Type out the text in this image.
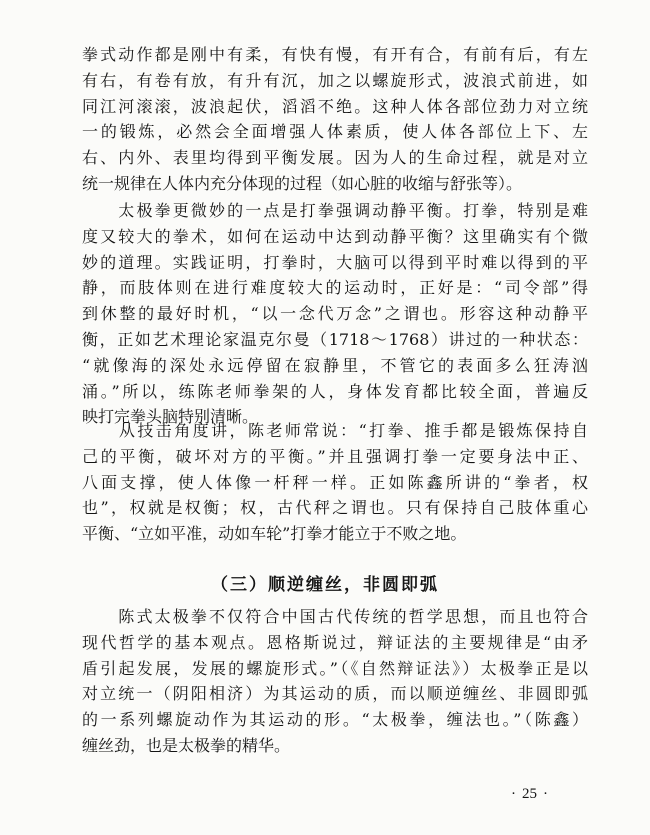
拳式动作都是刚中有柔，有快有慢，有开有合，有前有后，有左
有右，有卷有放，有升有沉，加之以螺旋形式，波浪式前进，如
同江河滚滚，波浪起伏，滔滔不绝。这种人体各部位劲力对立统
一的锻炼，必然会全面增强人体素质，使人体各部位上下、左
右、内外、表里均得到平衡发展。因为人的生命过程，就是对立
统一规律在人体内充分体现的过程（如心脏的收缩与舒张等）。
　　太极拳更微妙的一点是打拳强调动静平衡。打拳，特别是难
度又较大的拳术，如何在运动中达到动静平衡？这里确实有个微
妙的道理。实践证明，打拳时，大脑可以得到平时难以得到的平
静，而肢体则在进行难度较大的运动时，正好是：“司令部”得
到休整的最好时机，“以一念代万念”之谓也。形容这种动静平
衡，正如艺术理论家温克尔曼（1718～1768）讲过的一种状态：
“就像海的深处永远停留在寂静里，不管它的表面多么狂涛汹
涌。”所以，练陈老师拳架的人，身体发育都比较全面，普遍反
映打完拳头脑特别清晰。
　　从技击角度讲，陈老师常说：“打拳、推手都是锻炼保持自
己的平衡，破坏对方的平衡。”并且强调打拳一定要身法中正、
八面支撑，使人体像一杆秤一样。正如陈鑫所讲的“拳者，权
也”，权就是权衡；权，古代秤之谓也。只有保持自己肢体重心
平衡、“立如平准，动如车轮”打拳才能立于不败之地。
（三）顺逆缠丝，非圆即弧
　　陈式太极拳不仅符合中国古代传统的哲学思想，而且也符合
现代哲学的基本观点。恩格斯说过，辩证法的主要规律是“由矛
盾引起发展，发展的螺旋形式。”（《自然辩证法》）太极拳正是以
对立统一（阴阳相济）为其运动的质，而以顺逆缠丝、非圆即弧
的一系列螺旋动作为其运动的形。“太极拳，缠法也。”（陈鑫）
缠丝劲，也是太极拳的精华。
· 25 ·
